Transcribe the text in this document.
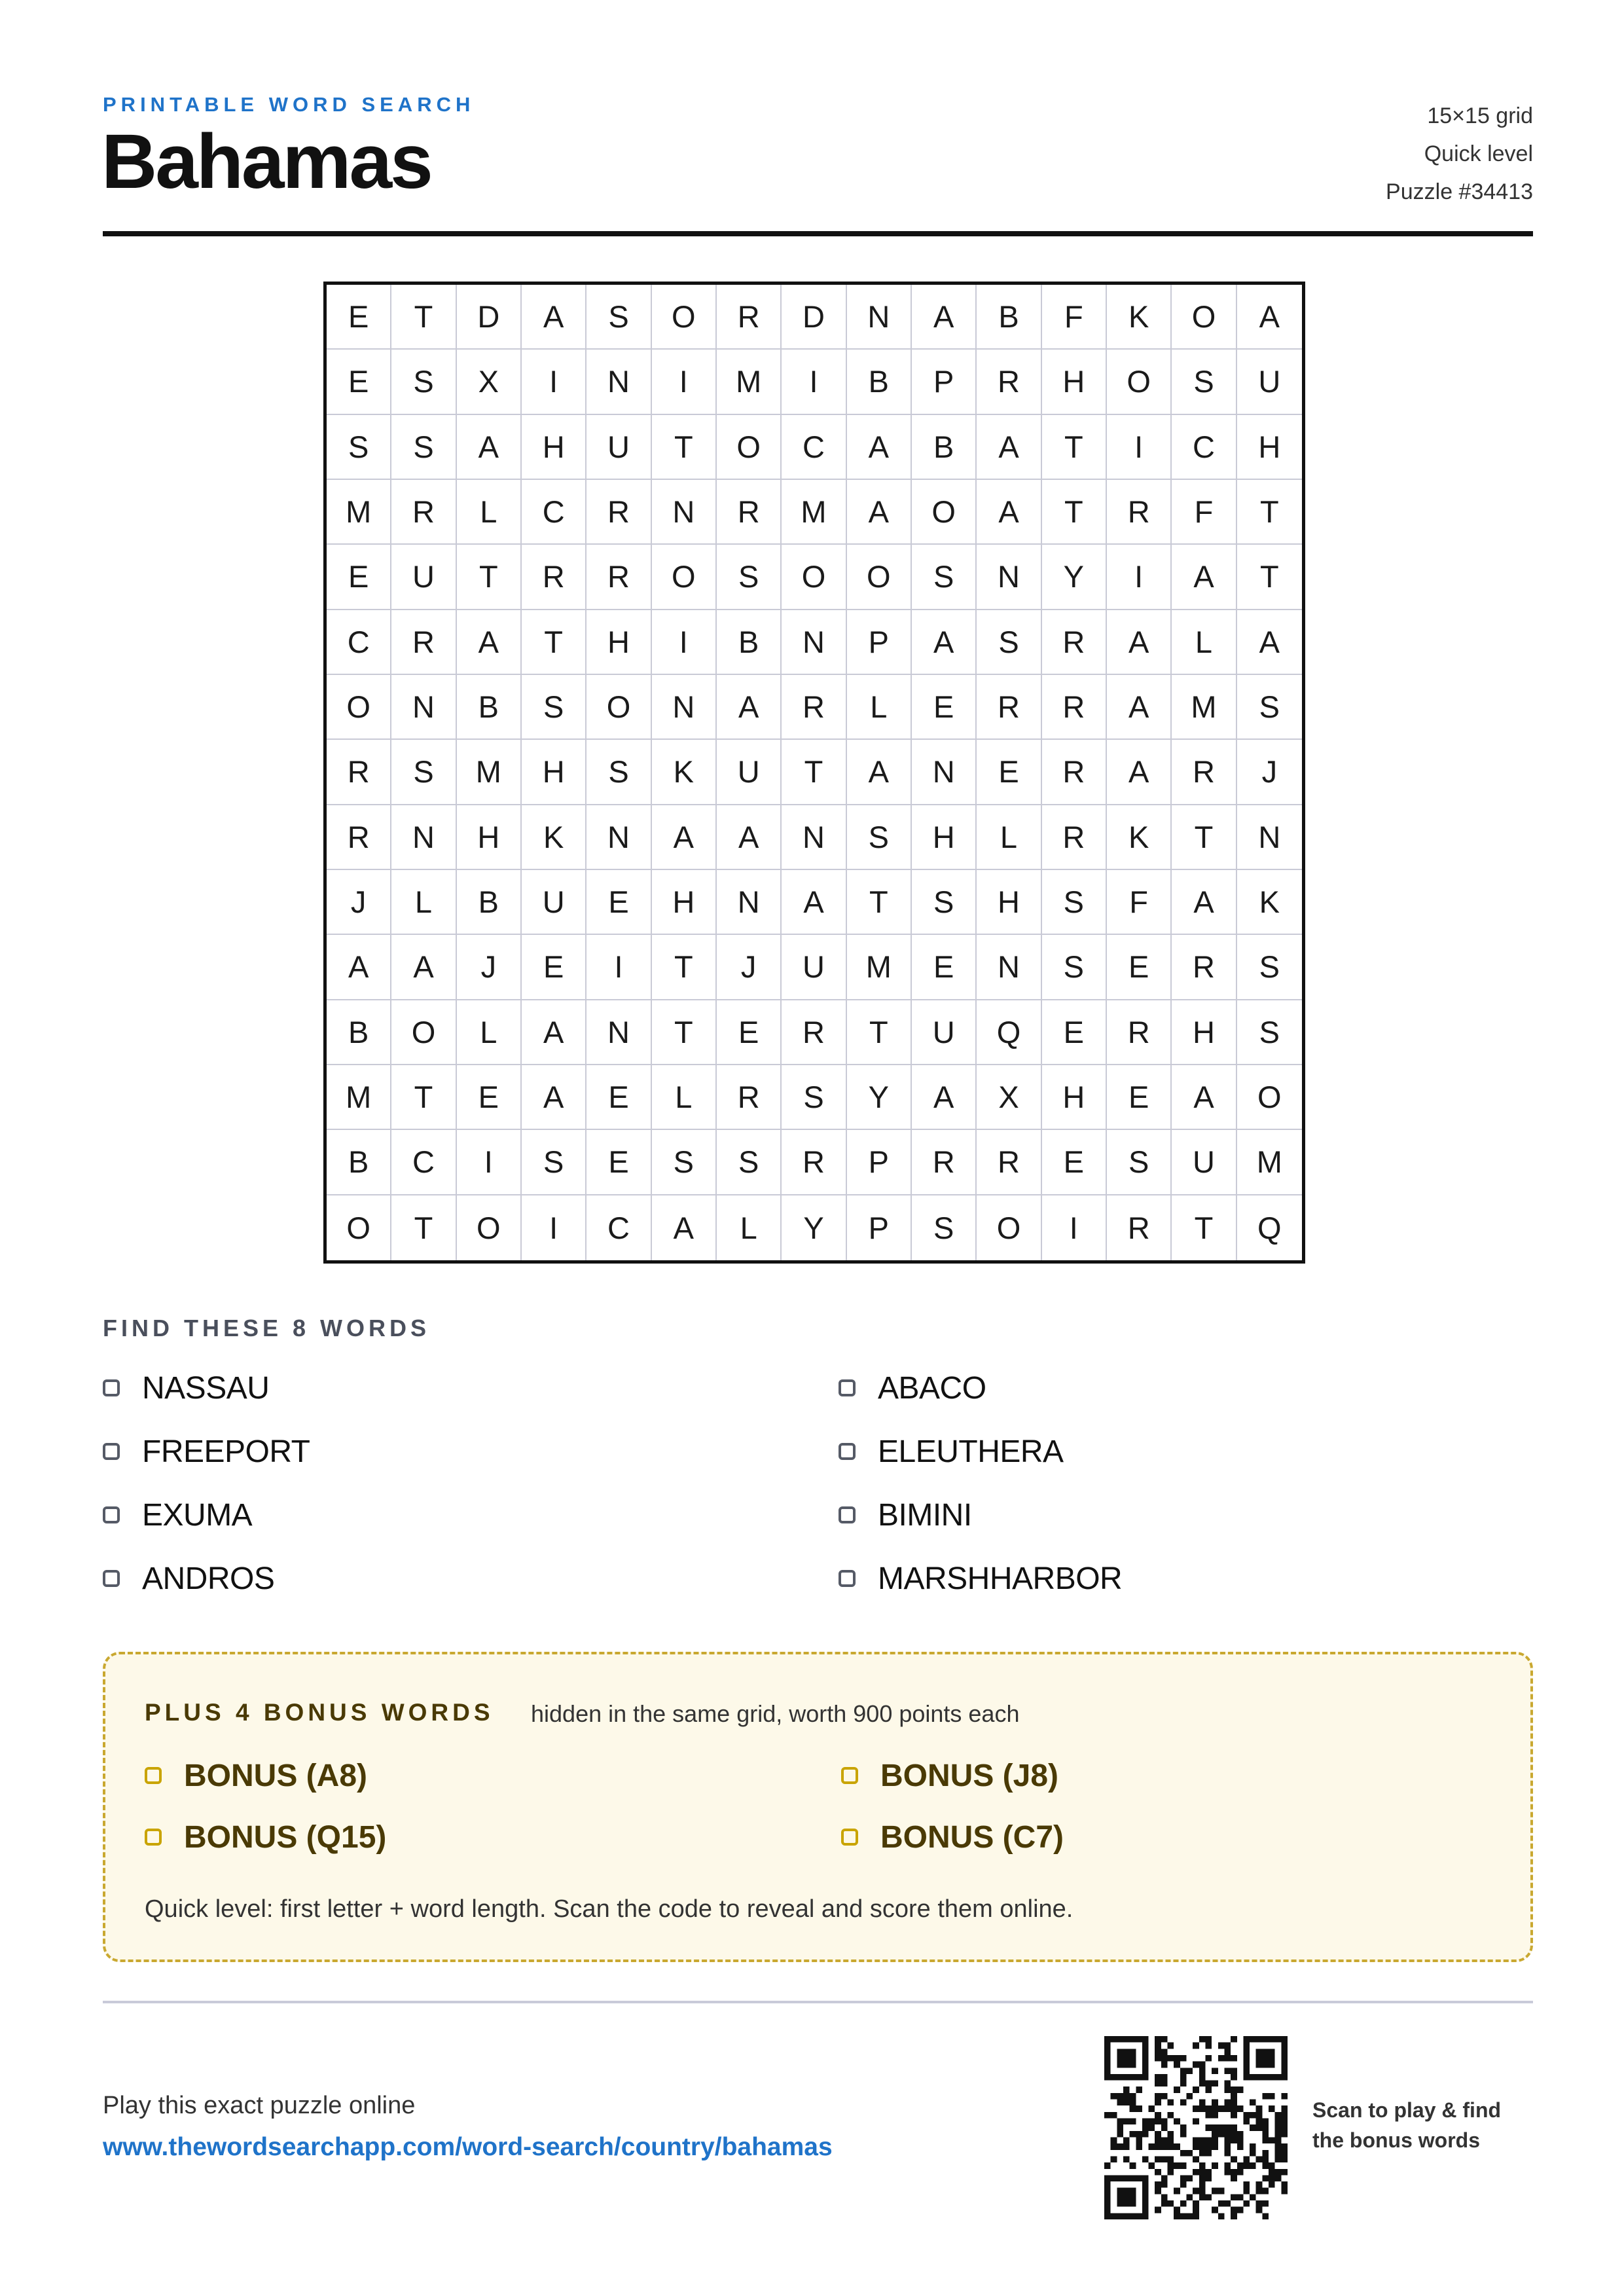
PRINTABLE WORD SEARCH
Bahamas
15×15 grid
Quick level
Puzzle #34413
E	T	D	A	S	O	R	D	N	A	B	F	K	O	A
E	S	X	I	N	I	M	I	B	P	R	H	O	S	U
S	S	A	H	U	T	O	C	A	B	A	T	I	C	H
M	R	L	C	R	N	R	M	A	O	A	T	R	F	T
E	U	T	R	R	O	S	O	O	S	N	Y	I	A	T
C	R	A	T	H	I	B	N	P	A	S	R	A	L	A
O	N	B	S	O	N	A	R	L	E	R	R	A	M	S
R	S	M	H	S	K	U	T	A	N	E	R	A	R	J
R	N	H	K	N	A	A	N	S	H	L	R	K	T	N
J	L	B	U	E	H	N	A	T	S	H	S	F	A	K
A	A	J	E	I	T	J	U	M	E	N	S	E	R	S
B	O	L	A	N	T	E	R	T	U	Q	E	R	H	S
M	T	E	A	E	L	R	S	Y	A	X	H	E	A	O
B	C	I	S	E	S	S	R	P	R	R	E	S	U	M
O	T	O	I	C	A	L	Y	P	S	O	I	R	T	Q
FIND THESE 8 WORDS
NASSAU
FREEPORT
EXUMA
ANDROS
ABACO
ELEUTHERA
BIMINI
MARSHHARBOR
PLUS 4 BONUS WORDS hidden in the same grid, worth 900 points each
BONUS (A8)
BONUS (Q15)
BONUS (J8)
BONUS (C7)
Quick level: first letter + word length. Scan the code to reveal and score them online.
Play this exact puzzle online
www.thewordsearchapp.com/word-search/country/bahamas
Scan to play & find
the bonus words
